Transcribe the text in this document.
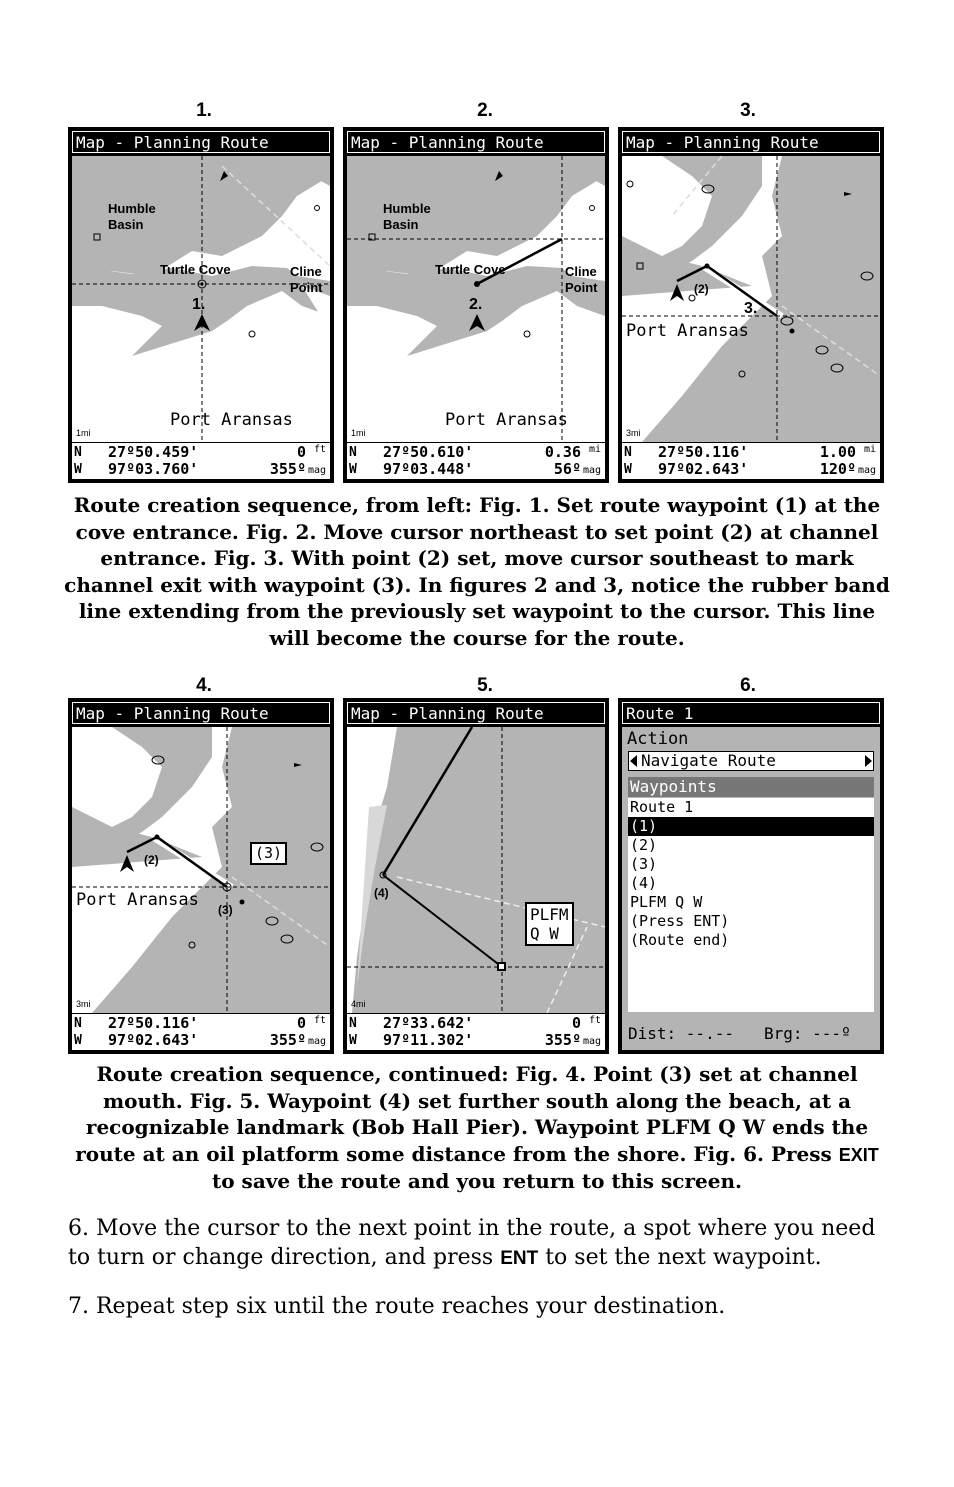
1.	2.	3.
4.	5.	6.
Map - Planning Route
Humble
Basin
Turtle Cove	Cline
Point
1.
Port Aransas
1mi
N 27º50.459'	0 ft
W 97º03.760'	355º mag
Map - Planning Route
Humble
Basin
Turtle Cove	Cline
Point
2.
Port Aransas
1mi
N 27º50.610'	0.36 mi
W 97º03.448'	56º mag
Map - Planning Route
(2)
3.
Port Aransas
3mi
N 27º50.116'	1.00 mi
W 97º02.643'	120º mag
Route creation sequence, from left: Fig. 1. Set route waypoint (1) at the cove entrance. Fig. 2. Move cursor northeast to set point (2) at channel entrance. Fig. 3. With point (2) set, move cursor southeast to mark channel exit with waypoint (3). In figures 2 and 3, notice the rubber band line extending from the previously set waypoint to the cursor. This line will become the course for the route.
Map - Planning Route
(2)
(3)
(3)
Port Aransas
3mi
N 27º50.116'	0 ft
W 97º02.643'	355º mag
Map - Planning Route
(4)
PLFM
Q W
4mi
N 27º33.642'	0 ft
W 97º11.302'	355º mag
Route 1
Action
Navigate Route
Waypoints
Route 1
(1)
(2)
(3)
(4)
PLFM Q W
(Press ENT)
(Route end)
Dist: --.-- Brg: ---º
Route creation sequence, continued: Fig. 4. Point (3) set at channel mouth. Fig. 5. Waypoint (4) set further south along the beach, at a recognizable landmark (Bob Hall Pier). Waypoint PLFM Q W ends the route at an oil platform some distance from the shore. Fig. 6. Press EXIT to save the route and you return to this screen.
6. Move the cursor to the next point in the route, a spot where you need to turn or change direction, and press ENT to set the next waypoint.
7. Repeat step six until the route reaches your destination.
